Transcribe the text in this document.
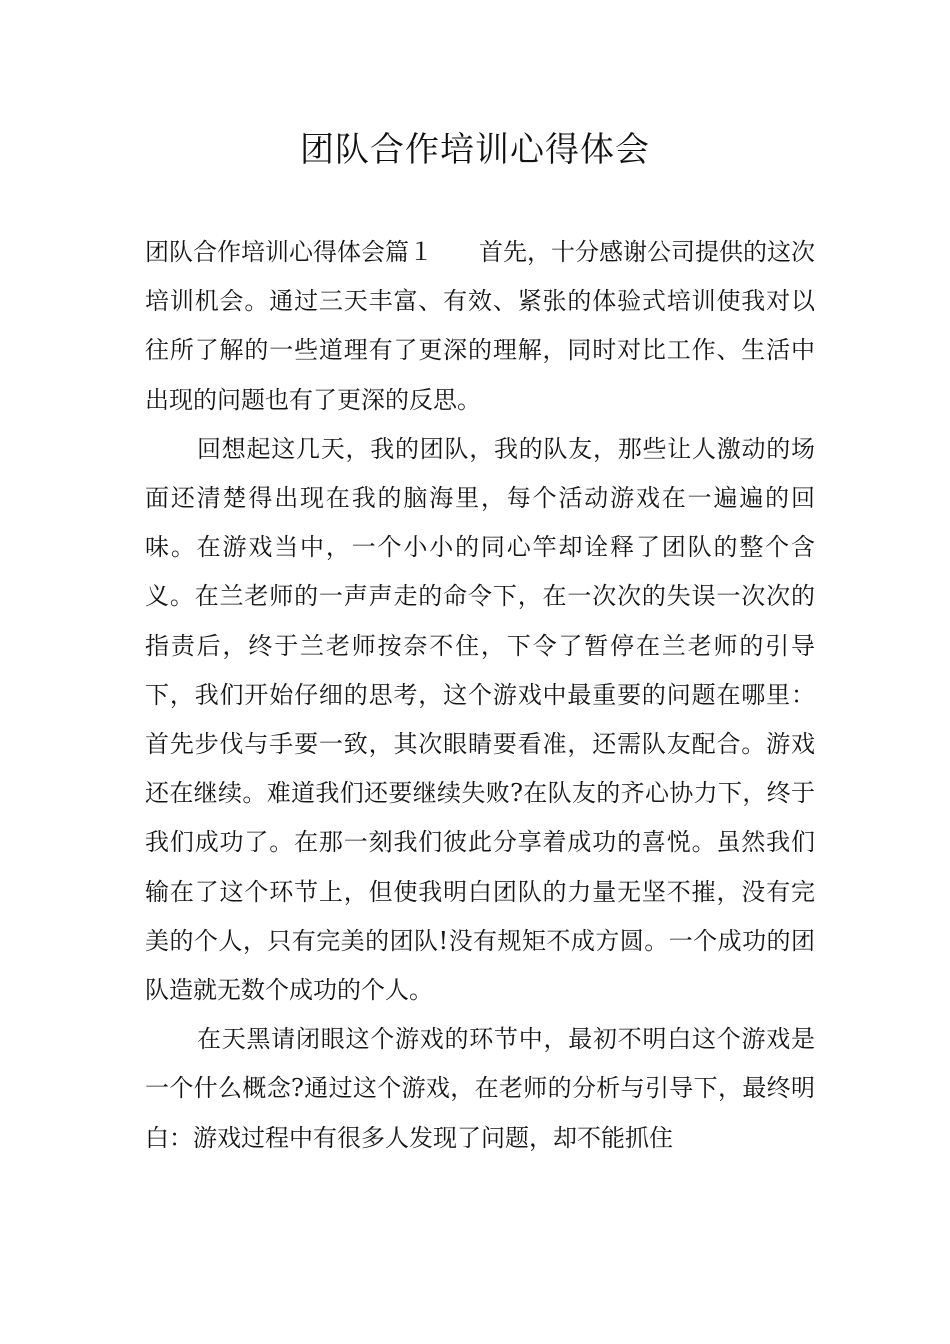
团队合作培训心得体会

团队合作培训心得体会篇１ 首先，十分感谢公司提供的这次培训机会。通过三天丰富、有效、紧张的体验式培训使我对以往所了解的一些道理有了更深的理解，同时对比工作、生活中出现的问题也有了更深的反思。

回想起这几天，我的团队，我的队友，那些让人激动的场面还清楚得出现在我的脑海里，每个活动游戏在一遍遍的回味。在游戏当中，一个小小的同心竿却诠释了团队的整个含义。在兰老师的一声声走的命令下，在一次次的失误一次次的指责后，终于兰老师按奈不住，下令了暂停在兰老师的引导下，我们开始仔细的思考，这个游戏中最重要的问题在哪里：首先步伐与手要一致，其次眼睛要看准，还需队友配合。游戏还在继续。难道我们还要继续失败?在队友的齐心协力下，终于我们成功了。在那一刻我们彼此分享着成功的喜悦。虽然我们输在了这个环节上，但使我明白团队的力量无坚不摧，没有完美的个人，只有完美的团队!没有规矩不成方圆。一个成功的团队造就无数个成功的个人。

在天黑请闭眼这个游戏的环节中，最初不明白这个游戏是一个什么概念?通过这个游戏，在老师的分析与引导下，最终明白：游戏过程中有很多人发现了问题，却不能抓住
